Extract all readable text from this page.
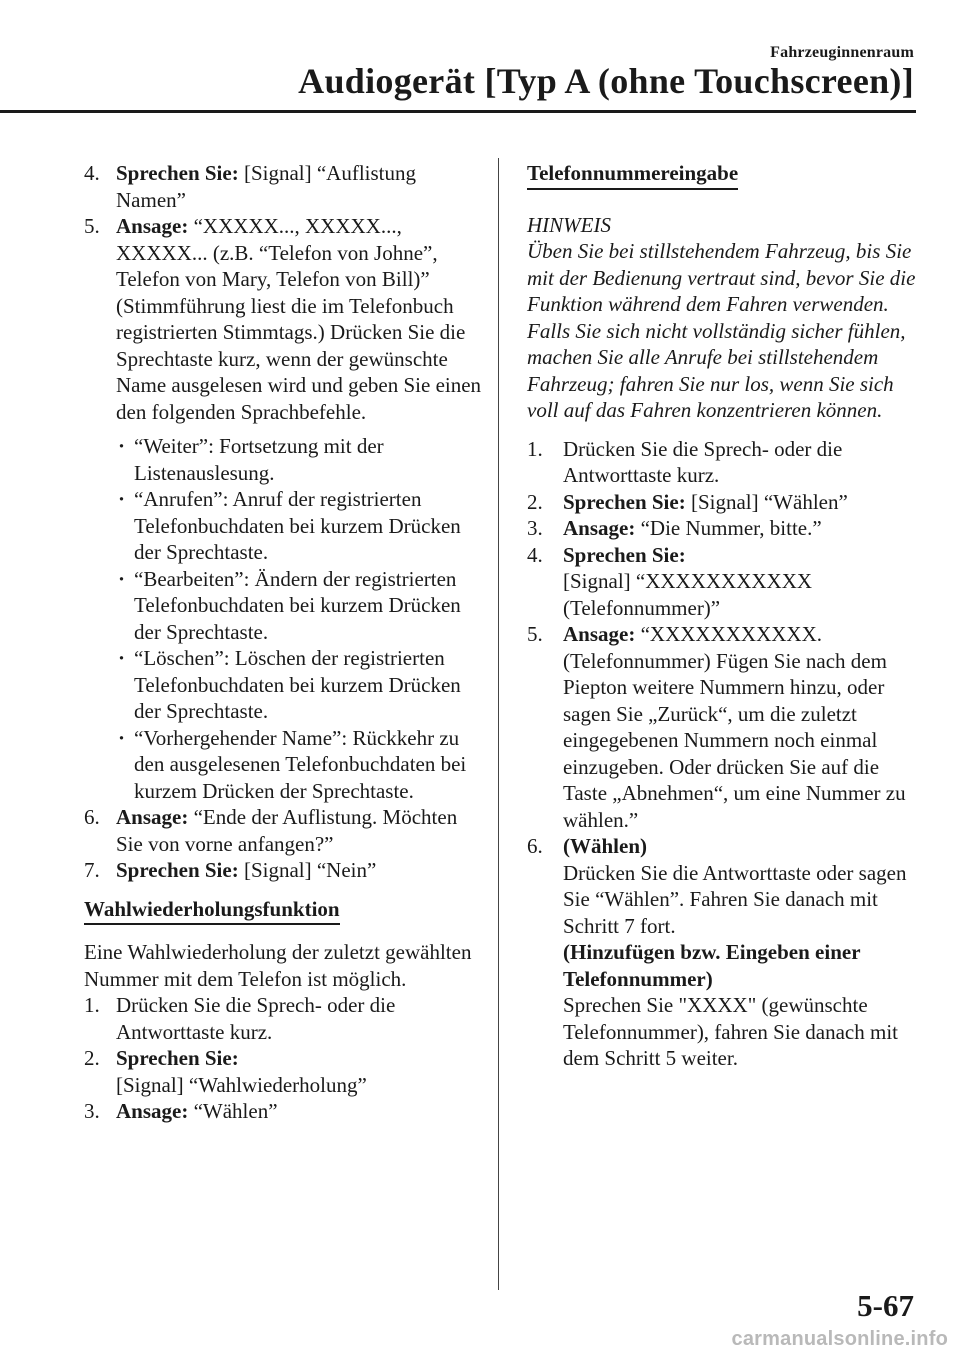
Fahrzeuginnenraum
Audiogerät [Typ A (ohne Touchscreen)]
4. Sprechen Sie: [Signal] “Auflistung Namen”
5. Ansage: “XXXXX..., XXXXX..., XXXXX... (z.B. “Telefon von Johne”, Telefon von Mary, Telefon von Bill)” (Stimmführung liest die im Telefonbuch registrierten Stimmtags.) Drücken Sie die Sprechtaste kurz, wenn der gewünschte Name ausgelesen wird und geben Sie einen den folgenden Sprachbefehle.
· “Weiter”: Fortsetzung mit der Listenauslesung.
· “Anrufen”: Anruf der registrierten Telefonbuchdaten bei kurzem Drücken der Sprechtaste.
· “Bearbeiten”: Ändern der registrierten Telefonbuchdaten bei kurzem Drücken der Sprechtaste.
· “Löschen”: Löschen der registrierten Telefonbuchdaten bei kurzem Drücken der Sprechtaste.
· “Vorhergehender Name”: Rückkehr zu den ausgelesenen Telefonbuchdaten bei kurzem Drücken der Sprechtaste.
6. Ansage: “Ende der Auflistung. Möchten Sie von vorne anfangen?”
7. Sprechen Sie: [Signal] “Nein”
Wahlwiederholungsfunktion
Eine Wahlwiederholung der zuletzt gewählten Nummer mit dem Telefon ist möglich.
1. Drücken Sie die Sprech- oder die Antworttaste kurz.
2. Sprechen Sie:
[Signal] “Wahlwiederholung”
3. Ansage: “Wählen”
Telefonnummereingabe
HINWEIS
Üben Sie bei stillstehendem Fahrzeug, bis Sie mit der Bedienung vertraut sind, bevor Sie die Funktion während dem Fahren verwenden. Falls Sie sich nicht vollständig sicher fühlen, machen Sie alle Anrufe bei stillstehendem Fahrzeug; fahren Sie nur los, wenn Sie sich voll auf das Fahren konzentrieren können.
1. Drücken Sie die Sprech- oder die Antworttaste kurz.
2. Sprechen Sie: [Signal] “Wählen”
3. Ansage: “Die Nummer, bitte.”
4. Sprechen Sie:
[Signal] “XXXXXXXXXXX (Telefonnummer)”
5. Ansage: “XXXXXXXXXXX. (Telefonnummer) Fügen Sie nach dem Piepton weitere Nummern hinzu, oder sagen Sie „Zurück“, um die zuletzt eingegebenen Nummern noch einmal einzugeben. Oder drücken Sie auf die Taste „Abnehmen“, um eine Nummer zu wählen.”
6. (Wählen)
Drücken Sie die Antworttaste oder sagen Sie “Wählen”. Fahren Sie danach mit Schritt 7 fort.
(Hinzufügen bzw. Eingeben einer Telefonnummer)
Sprechen Sie "XXXX" (gewünschte Telefonnummer), fahren Sie danach mit dem Schritt 5 weiter.
5-67
carmanualsonline.info
